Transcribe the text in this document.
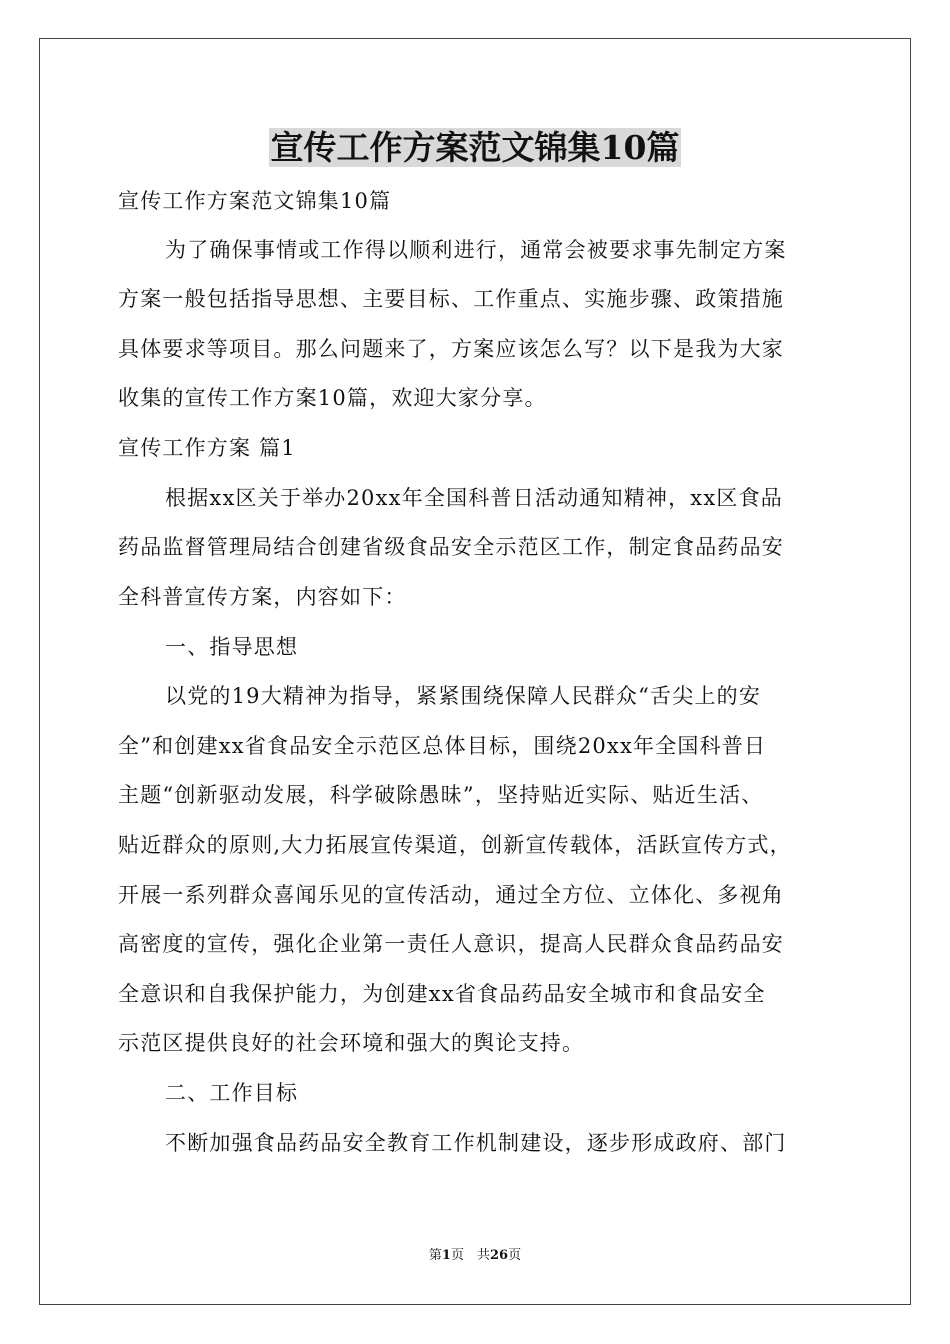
宣传工作方案范文锦集10篇
宣传工作方案范文锦集10篇
为了确保事情或工作得以顺利进行，通常会被要求事先制定方案
方案一般包括指导思想、主要目标、工作重点、实施步骤、政策措施
具体要求等项目。那么问题来了，方案应该怎么写？以下是我为大家
收集的宣传工作方案10篇，欢迎大家分享。
宣传工作方案 篇1
根据xx区关于举办20xx年全国科普日活动通知精神，xx区食品
药品监督管理局结合创建省级食品安全示范区工作，制定食品药品安
全科普宣传方案，内容如下：
一、指导思想
以党的19大精神为指导，紧紧围绕保障人民群众“舌尖上的安
全”和创建xx省食品安全示范区总体目标，围绕20xx年全国科普日
主题“创新驱动发展，科学破除愚昧”，坚持贴近实际、贴近生活、
贴近群众的原则,大力拓展宣传渠道，创新宣传载体，活跃宣传方式，
开展一系列群众喜闻乐见的宣传活动，通过全方位、立体化、多视角
高密度的宣传，强化企业第一责任人意识，提高人民群众食品药品安
全意识和自我保护能力，为创建xx省食品药品安全城市和食品安全
示范区提供良好的社会环境和强大的舆论支持。
二、工作目标
不断加强食品药品安全教育工作机制建设，逐步形成政府、部门
第1页　共26页
